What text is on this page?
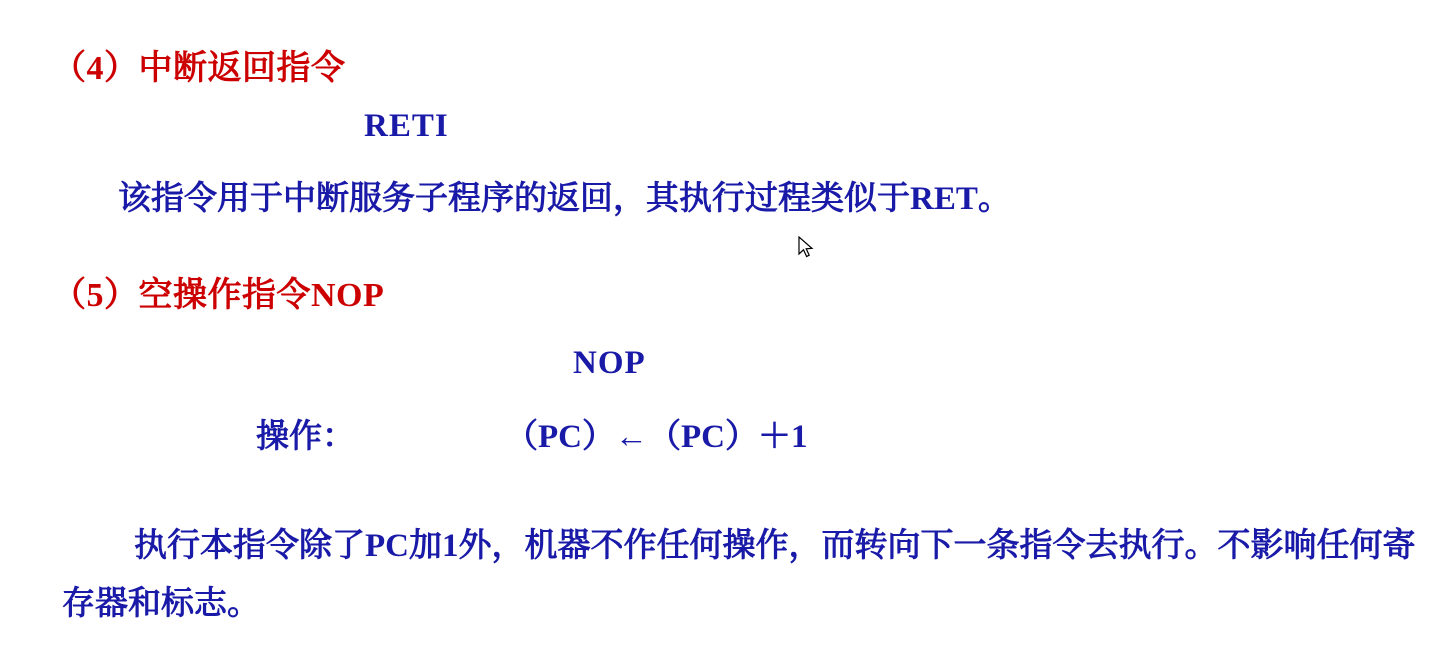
（4）中断返回指令
RETI
该指令用于中断服务子程序的返回，其执行过程类似于RET。
（5）空操作指令NOP
NOP
操作：	（PC）←（PC）＋1
执行本指令除了PC加1外，机器不作任何操作，而转向下一条指令去执行。不影响任何寄存器和标志。
